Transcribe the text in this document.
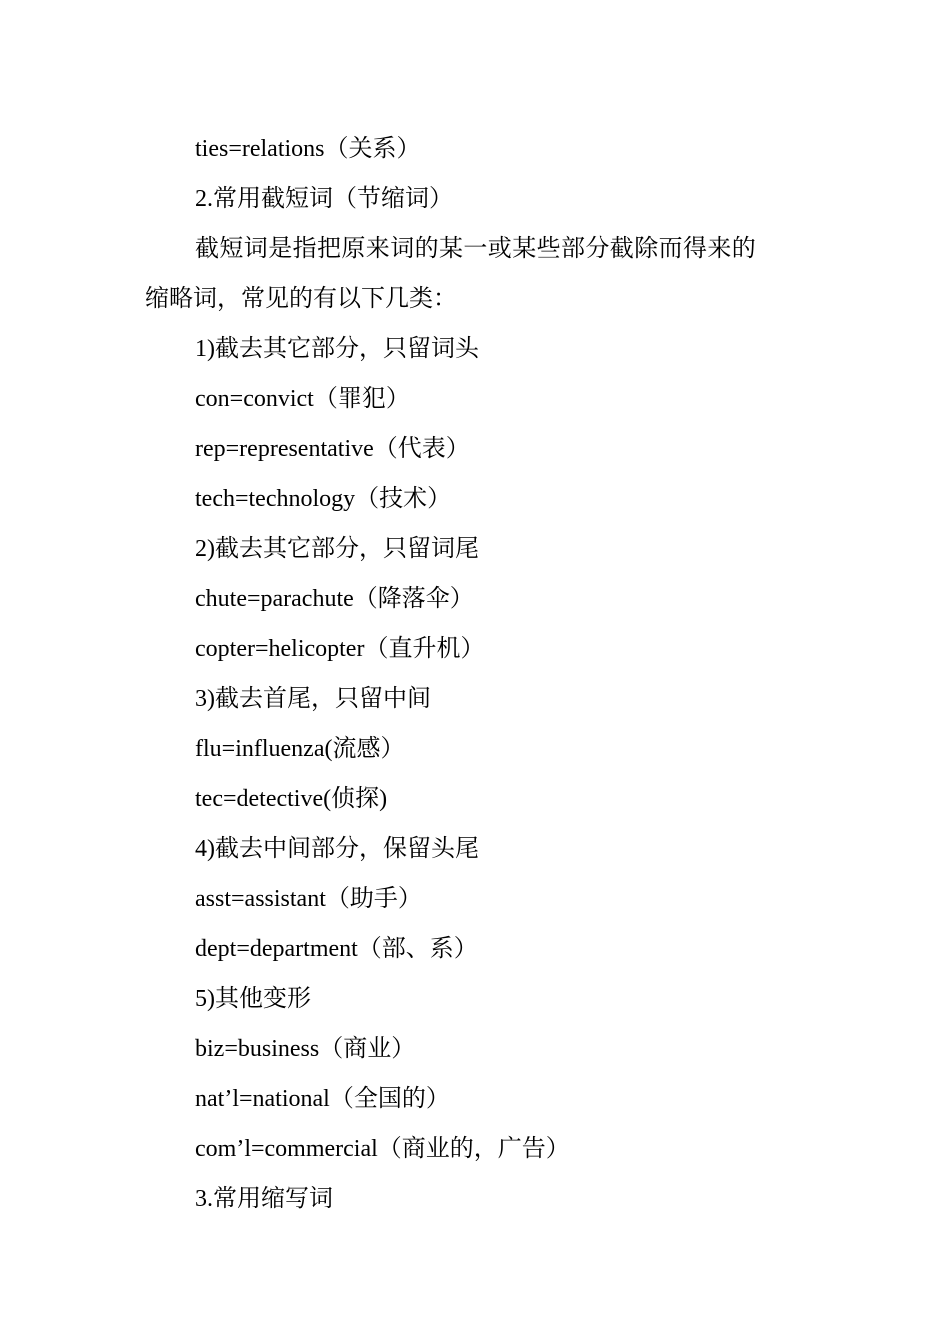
ties=relations（关系）
2.常用截短词（节缩词）
截短词是指把原来词的某一或某些部分截除而得来的
缩略词，常见的有以下几类：
1)截去其它部分，只留词头
con=convict（罪犯）
rep=representative（代表）
tech=technology（技术）
2)截去其它部分，只留词尾
chute=parachute（降落伞）
copter=helicopter（直升机）
3)截去首尾，只留中间
flu=influenza(流感）
tec=detective(侦探)
4)截去中间部分，保留头尾
asst=assistant（助手）
dept=department（部、系）
5)其他变形
biz=business（商业）
nat’l=national（全国的）
com’l=commercial（商业的，广告）
3.常用缩写词
